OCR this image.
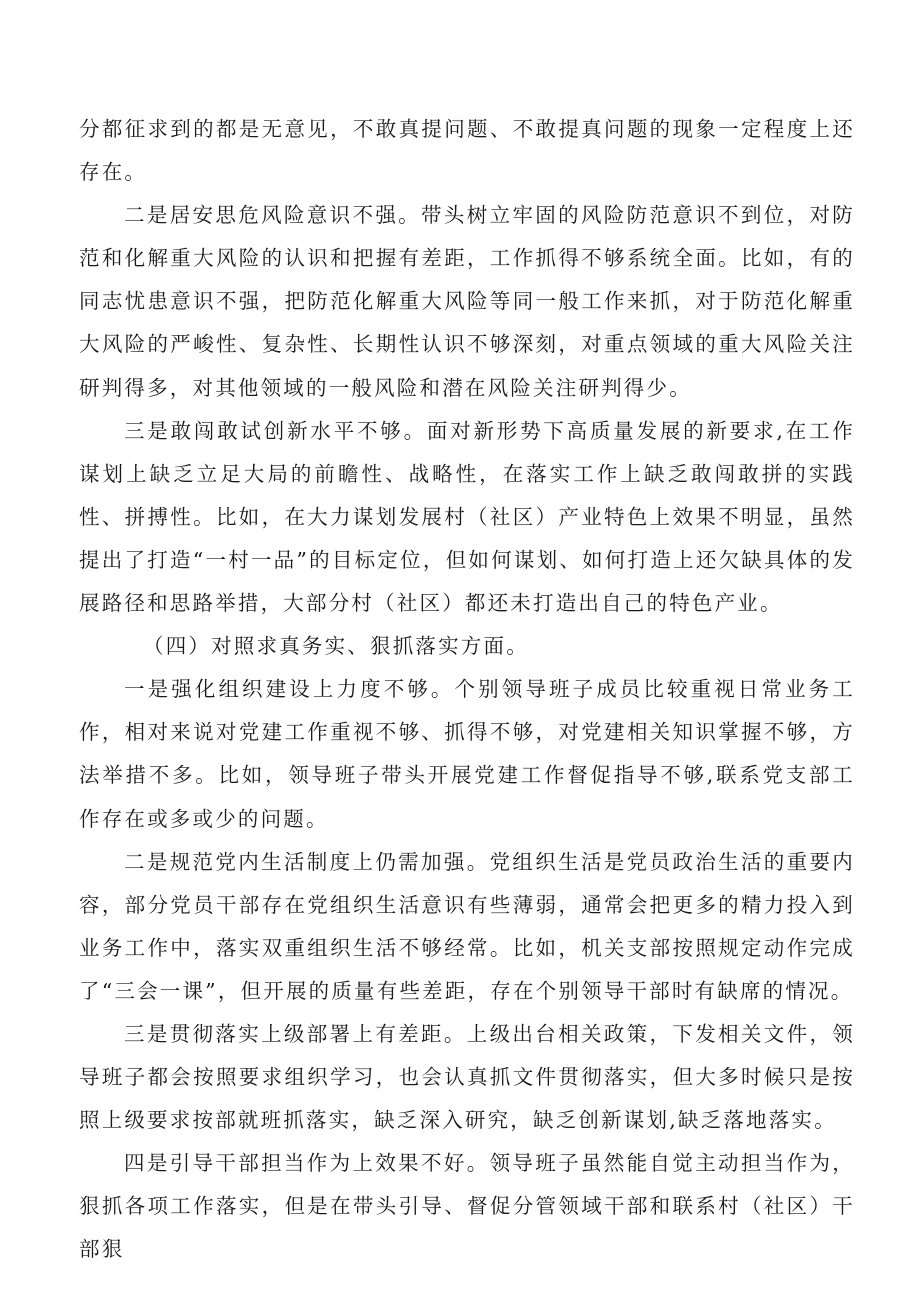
分都征求到的都是无意见，不敢真提问题、不敢提真问题的现象一定程度上还存在。

二是居安思危风险意识不强。带头树立牢固的风险防范意识不到位，对防范和化解重大风险的认识和把握有差距，工作抓得不够系统全面。比如，有的同志忧患意识不强，把防范化解重大风险等同一般工作来抓，对于防范化解重大风险的严峻性、复杂性、长期性认识不够深刻，对重点领域的重大风险关注研判得多，对其他领域的一般风险和潜在风险关注研判得少。

三是敢闯敢试创新水平不够。面对新形势下高质量发展的新要求,在工作谋划上缺乏立足大局的前瞻性、战略性，在落实工作上缺乏敢闯敢拼的实践性、拼搏性。比如，在大力谋划发展村（社区）产业特色上效果不明显，虽然提出了打造“一村一品”的目标定位，但如何谋划、如何打造上还欠缺具体的发展路径和思路举措，大部分村（社区）都还未打造出自己的特色产业。

（四）对照求真务实、狠抓落实方面。

一是强化组织建设上力度不够。个别领导班子成员比较重视日常业务工作，相对来说对党建工作重视不够、抓得不够，对党建相关知识掌握不够，方法举措不多。比如，领导班子带头开展党建工作督促指导不够,联系党支部工作存在或多或少的问题。

二是规范党内生活制度上仍需加强。党组织生活是党员政治生活的重要内容，部分党员干部存在党组织生活意识有些薄弱，通常会把更多的精力投入到业务工作中，落实双重组织生活不够经常。比如，机关支部按照规定动作完成了“三会一课”，但开展的质量有些差距，存在个别领导干部时有缺席的情况。

三是贯彻落实上级部署上有差距。上级出台相关政策，下发相关文件，领导班子都会按照要求组织学习，也会认真抓文件贯彻落实，但大多时候只是按照上级要求按部就班抓落实，缺乏深入研究，缺乏创新谋划,缺乏落地落实。

四是引导干部担当作为上效果不好。领导班子虽然能自觉主动担当作为，狠抓各项工作落实，但是在带头引导、督促分管领域干部和联系村（社区）干部狠
